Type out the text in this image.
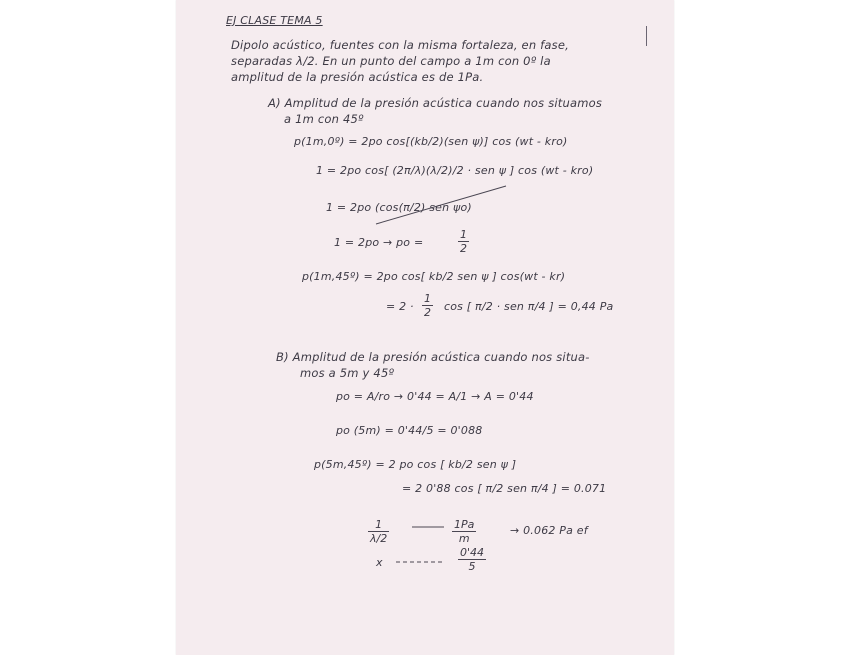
EJ CLASE TEMA 5
Dipolo acústico, fuentes con la misma fortaleza, en fase,
separadas λ/2. En un punto del campo a 1m con 0º la
amplitud de la presión acústica es de 1Pa.
A) Amplitud de la presión acústica cuando nos situamos
a 1m con 45º
p(1m,0º) = 2po cos[(kb/2)(sen ψ)] cos (wt - kro)
1 = 2po cos[ (2π/λ)(λ/2)/2 · sen ψ ] cos (wt - kro)
1 = 2po (cos(π/2) sen ψo)
1 = 2po → po =	$\frac{1}{2}$
p(1m,45º) = 2po cos[ kb/2 sen ψ ] cos(wt - kr)
= $2 \cdot \frac{1}{2}$ cos [ π/2 · sen π/4 ] = 0,44 Pa
B) Amplitud de la presión acústica cuando nos situa-
mos a 5m y 45º
po = A/ro → 0'44 = A/1 → A = 0'44
po (5m) = 0'44/5 = 0'088
p(5m,45º) = 2 po cos [ kb/2 sen ψ ]
= 2 0'88 cos [ π/2 sen π/4 ] = 0.071
$\frac{1}{\lambda/2}$	$\frac{1Pa}{m}$	→ 0.062 Pa ef
x	$\frac{0'44}{5}$
